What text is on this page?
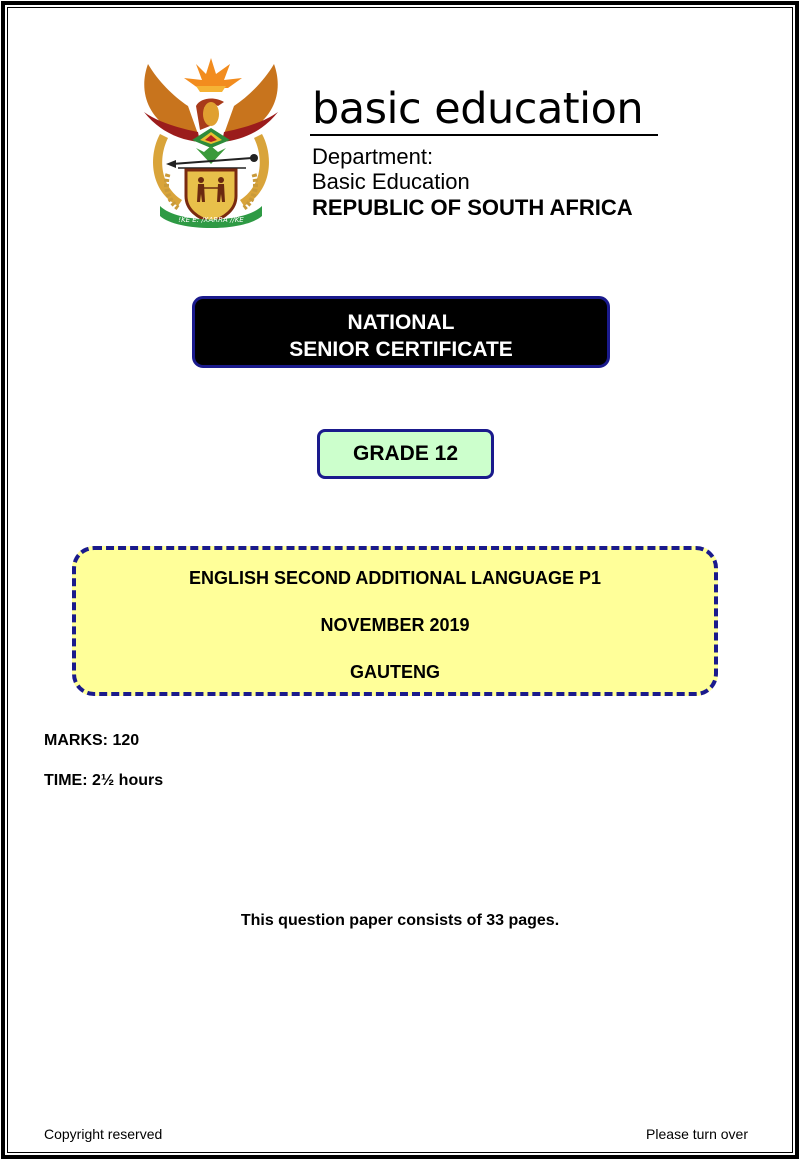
!KE E: /XARRA //KE
basic education
Department:
Basic Education
REPUBLIC OF SOUTH AFRICA
NATIONAL
SENIOR CERTIFICATE
GRADE 12
ENGLISH SECOND ADDITIONAL LANGUAGE P1
NOVEMBER 2019
GAUTENG
MARKS: 120
TIME: 2½ hours
This question paper consists of 33 pages.
Copyright reserved	Please turn over
